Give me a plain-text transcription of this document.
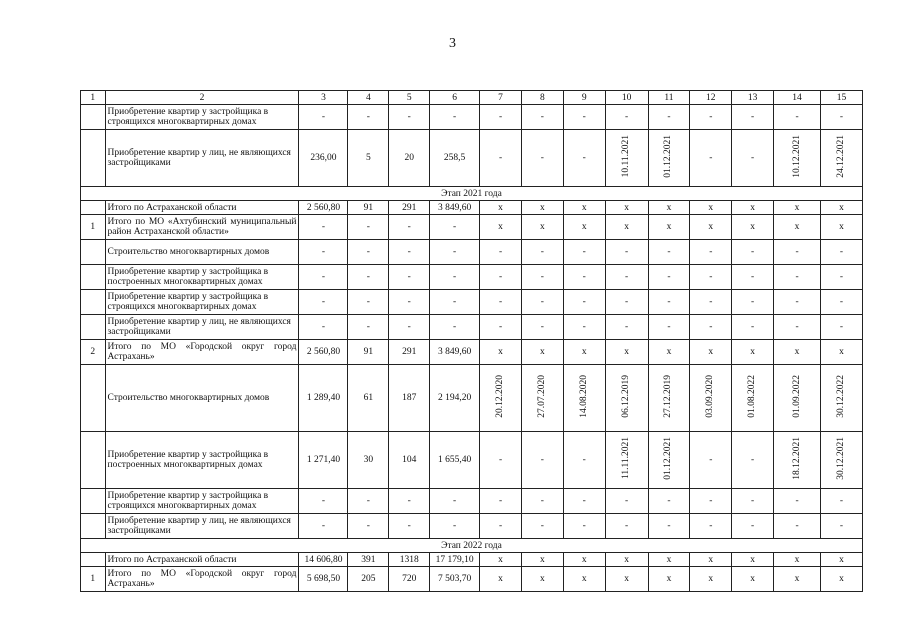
3
1	2	3	4	5	6	7	8	9	10	11	12	13	14	15
	Приобретение квартир у застройщика в строящихся многоквартирных домах	-	-	-	-	-	-	-	-	-	-	-	-	-
	Приобретение квартир у лиц, не являющихся застройщиками	236,00	5	20	258,5	-	-	-	10.11.2021	01.12.2021	-	-	10.12.2021	24.12.2021
Этап 2021 года														
	Итого по Астраханской области	2 560,80	91	291	3 849,60	х	х	х	х	х	х	х	х	х
1	Итого по МО «Ахтубинский муниципальный район Астраханской области»	-	-	-	-	х	х	х	х	х	х	х	х	х
	Строительство многоквартирных домов	-	-	-	-	-	-	-	-	-	-	-	-	-
	Приобретение квартир у застройщика в построенных многоквартирных домах	-	-	-	-	-	-	-	-	-	-	-	-	-
	Приобретение квартир у застройщика в строящихся многоквартирных домах	-	-	-	-	-	-	-	-	-	-	-	-	-
	Приобретение квартир у лиц, не являющихся застройщиками	-	-	-	-	-	-	-	-	-	-	-	-	-
2	Итого по МО «Городской округ город Астрахань»	2 560,80	91	291	3 849,60	х	х	х	х	х	х	х	х	х
	Строительство многоквартирных домов	1 289,40	61	187	2 194,20	20.12.2020	27.07.2020	14.08.2020	06.12.2019	27.12.2019	03.09.2020	01.08.2022	01.09.2022	30.12.2022
	Приобретение квартир у застройщика в построенных многоквартирных домах	1 271,40	30	104	1 655,40	-	-	-	11.11.2021	01.12.2021	-	-	18.12.2021	30.12.2021
	Приобретение квартир у застройщика в строящихся многоквартирных домах	-	-	-	-	-	-	-	-	-	-	-	-	-
	Приобретение квартир у лиц, не являющихся застройщиками	-	-	-	-	-	-	-	-	-	-	-	-	-
Этап 2022 года														
	Итого по Астраханской области	14 606,80	391	1318	17 179,10	х	х	х	х	х	х	х	х	х
1	Итого по МО «Городской округ город Астрахань»	5 698,50	205	720	7 503,70	х	х	х	х	х	х	х	х	х
